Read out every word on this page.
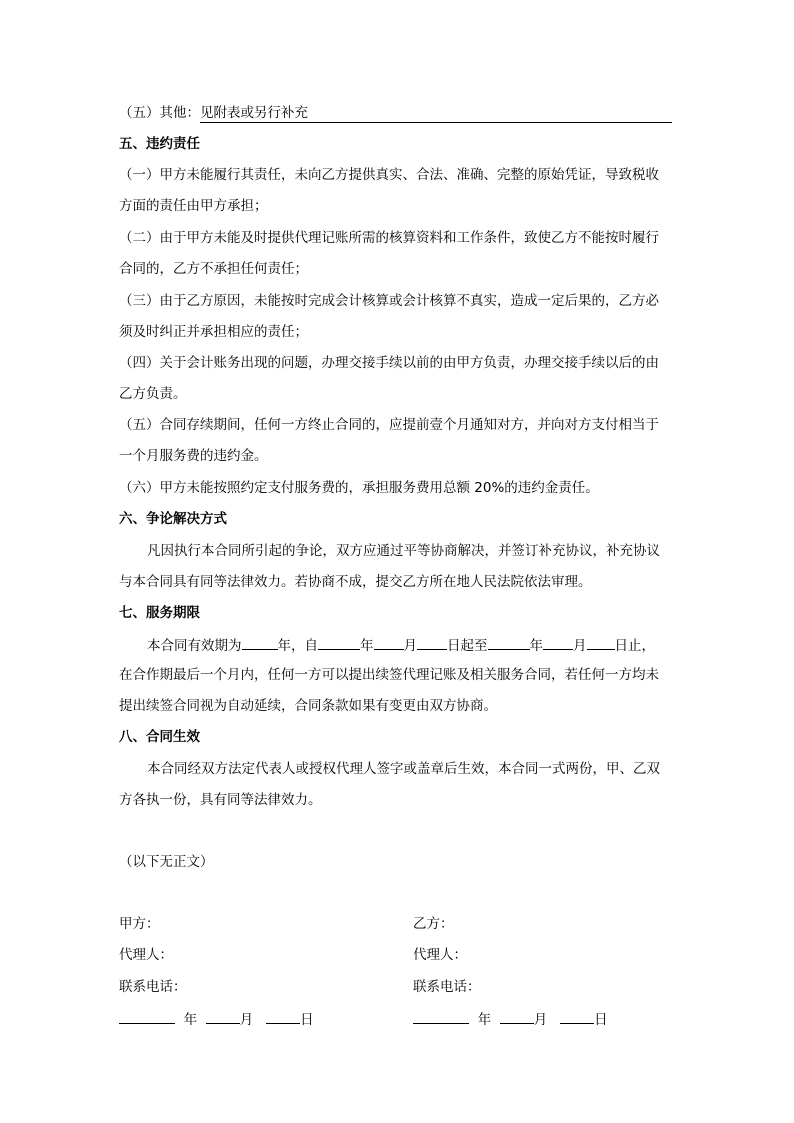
（五）其他：见附表或另行补充
五、违约责任
（一）甲方未能履行其责任，未向乙方提供真实、合法、准确、完整的原始凭证，导致税收
方面的责任由甲方承担；
（二）由于甲方未能及时提供代理记账所需的核算资料和工作条件，致使乙方不能按时履行
合同的，乙方不承担任何责任；
（三）由于乙方原因，未能按时完成会计核算或会计核算不真实，造成一定后果的，乙方必
须及时纠正并承担相应的责任；
（四）关于会计账务出现的问题，办理交接手续以前的由甲方负责，办理交接手续以后的由
乙方负责。
（五）合同存续期间，任何一方终止合同的，应提前壹个月通知对方，并向对方支付相当于
一个月服务费的违约金。
（六）甲方未能按照约定支付服务费的，承担服务费用总额 20%的违约金责任。
六、争论解决方式
凡因执行本合同所引起的争论，双方应通过平等协商解决，并签订补充协议，补充协议
与本合同具有同等法律效力。若协商不成，提交乙方所在地人民法院依法审理。
七、服务期限
本合同有效期为	年，自	年 月 日起至	年 月 日止，
在合作期最后一个月内，任何一方可以提出续签代理记账及相关服务合同，若任何一方均未
提出续签合同视为自动延续，合同条款如果有变更由双方协商。
八、合同生效
本合同经双方法定代表人或授权代理人签字或盖章后生效，本合同一式两份，甲、乙双
方各执一份，具有同等法律效力。
（以下无正文）
甲方：
代理人：
联系电话：
年	月	日
乙方：
代理人：
联系电话：
年	月	日
